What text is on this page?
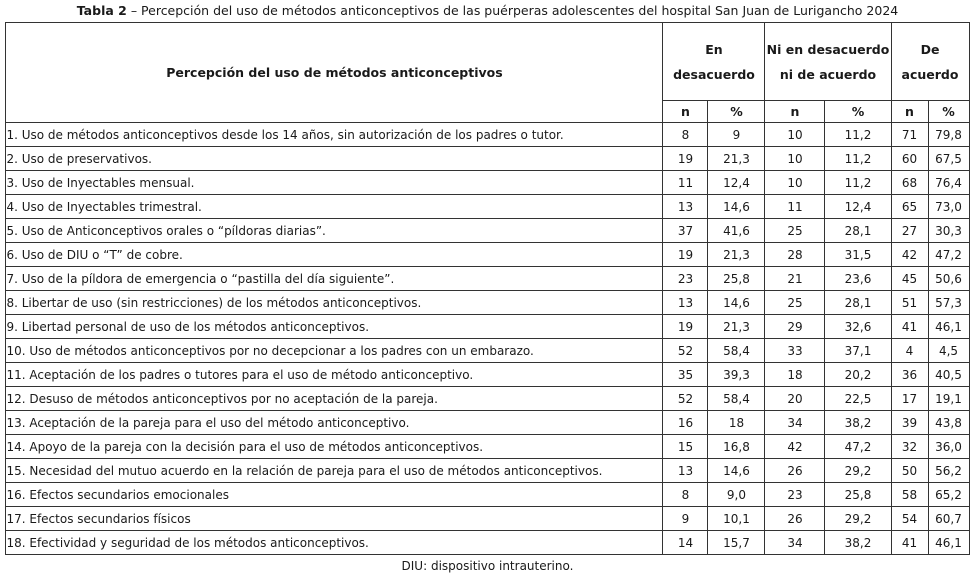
Tabla 2 – Percepción del uso de métodos anticonceptivos de las puérperas adolescentes del hospital San Juan de Lurigancho 2024
Percepción del uso de métodos anticonceptivos	En desacuerdo		Ni en desacuerdo ni de acuerdo		De acuerdo	
	n	%	n	%	n	%
1. Uso de métodos anticonceptivos desde los 14 años, sin autorización de los padres o tutor.	8	9	10	11,2	71	79,8
2. Uso de preservativos.	19	21,3	10	11,2	60	67,5
3. Uso de Inyectables mensual.	11	12,4	10	11,2	68	76,4
4. Uso de Inyectables trimestral.	13	14,6	11	12,4	65	73,0
5. Uso de Anticonceptivos orales o “píldoras diarias”.	37	41,6	25	28,1	27	30,3
6. Uso de DIU o “T” de cobre.	19	21,3	28	31,5	42	47,2
7. Uso de la píldora de emergencia o “pastilla del día siguiente”.	23	25,8	21	23,6	45	50,6
8. Libertar de uso (sin restricciones) de los métodos anticonceptivos.	13	14,6	25	28,1	51	57,3
9. Libertad personal de uso de los métodos anticonceptivos.	19	21,3	29	32,6	41	46,1
10. Uso de métodos anticonceptivos por no decepcionar a los padres con un embarazo.	52	58,4	33	37,1	4	4,5
11. Aceptación de los padres o tutores para el uso de método anticonceptivo.	35	39,3	18	20,2	36	40,5
12. Desuso de métodos anticonceptivos por no aceptación de la pareja.	52	58,4	20	22,5	17	19,1
13. Aceptación de la pareja para el uso del método anticonceptivo.	16	18	34	38,2	39	43,8
14. Apoyo de la pareja con la decisión para el uso de métodos anticonceptivos.	15	16,8	42	47,2	32	36,0
15. Necesidad del mutuo acuerdo en la relación de pareja para el uso de métodos anticonceptivos.	13	14,6	26	29,2	50	56,2
16. Efectos secundarios emocionales	8	9,0	23	25,8	58	65,2
17. Efectos secundarios físicos	9	10,1	26	29,2	54	60,7
18. Efectividad y seguridad de los métodos anticonceptivos.	14	15,7	34	38,2	41	46,1
DIU: dispositivo intrauterino.
